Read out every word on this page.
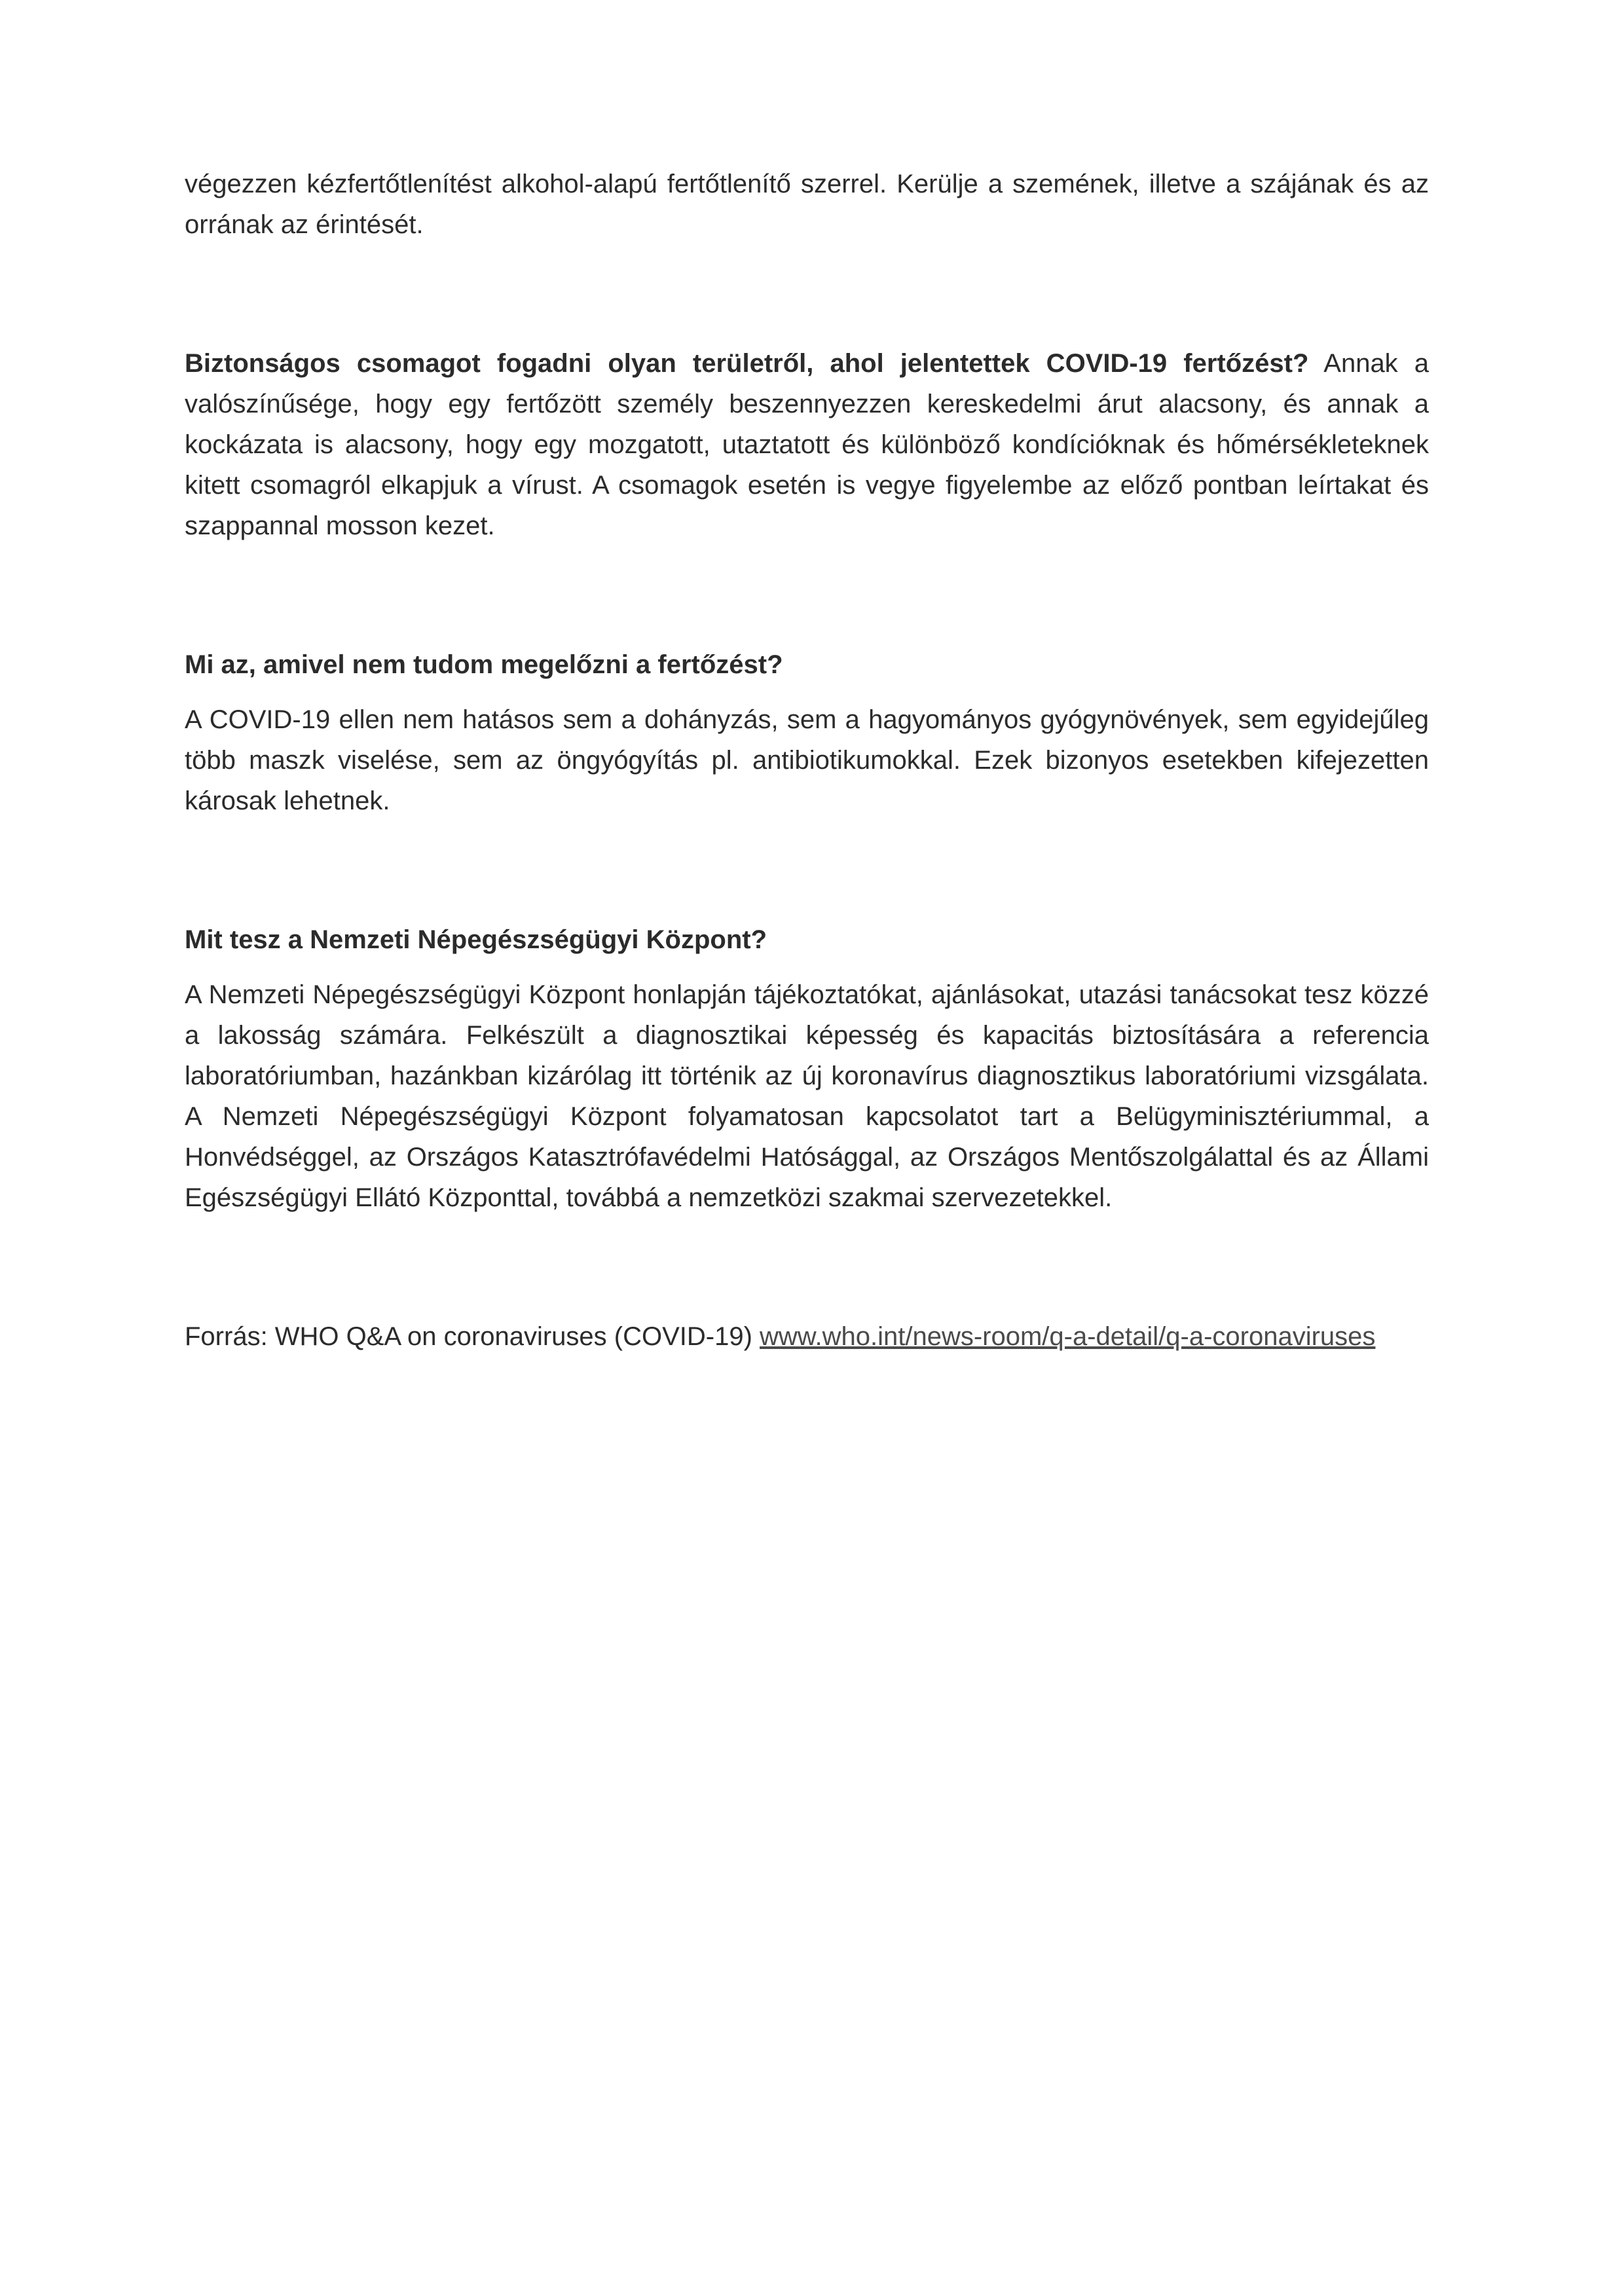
végezzen kézfertőtlenítést alkohol-alapú fertőtlenítő szerrel. Kerülje a szemének, illetve a szájának és az orrának az érintését.

Biztonságos csomagot fogadni olyan területről, ahol jelentettek COVID-19 fertőzést? Annak a valószínűsége, hogy egy fertőzött személy beszennyezzen kereskedelmi árut alacsony, és annak a kockázata is alacsony, hogy egy mozgatott, utaztatott és különböző kondícióknak és hőmérsékleteknek kitett csomagról elkapjuk a vírust. A csomagok esetén is vegye figyelembe az előző pontban leírtakat és szappannal mosson kezet.

Mi az, amivel nem tudom megelőzni a fertőzést?

A COVID-19 ellen nem hatásos sem a dohányzás, sem a hagyományos gyógynövények, sem egyidejűleg több maszk viselése, sem az öngyógyítás pl. antibiotikumokkal. Ezek bizonyos esetekben kifejezetten károsak lehetnek.

Mit tesz a Nemzeti Népegészségügyi Központ?

A Nemzeti Népegészségügyi Központ honlapján tájékoztatókat, ajánlásokat, utazási tanácsokat tesz közzé a lakosság számára. Felkészült a diagnosztikai képesség és kapacitás biztosítására a referencia laboratóriumban, hazánkban kizárólag itt történik az új koronavírus diagnosztikus laboratóriumi vizsgálata. A Nemzeti Népegészségügyi Központ folyamatosan kapcsolatot tart a Belügyminisztériummal, a Honvédséggel, az Országos Katasztrófavédelmi Hatósággal, az Országos Mentőszolgálattal és az Állami Egészségügyi Ellátó Központtal, továbbá a nemzetközi szakmai szervezetekkel.

Forrás: WHO Q&A on coronaviruses (COVID-19) www.who.int/news-room/q-a-detail/q-a-coronaviruses
